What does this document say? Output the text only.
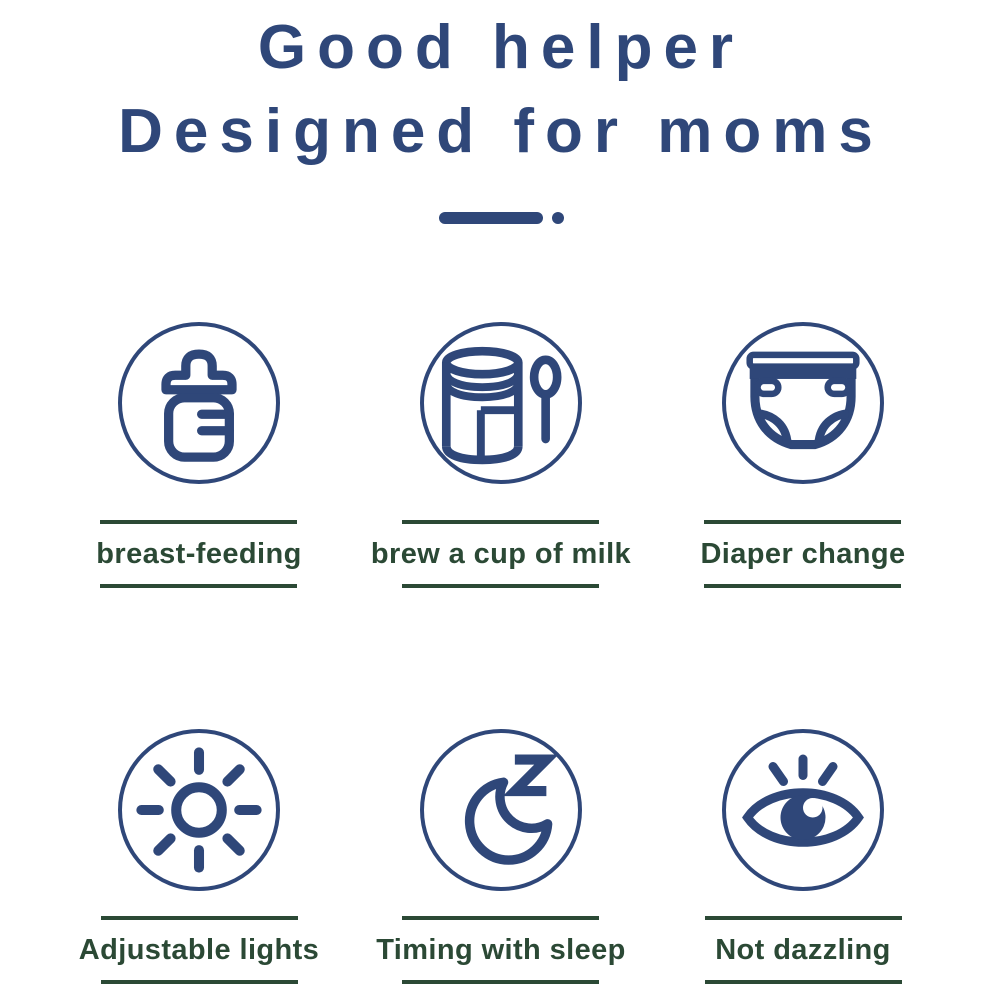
Good helper
Designed for moms
breast-feeding brew a cup of milk Diaper change
Adjustable lights Timing with sleep	Not dazzling
